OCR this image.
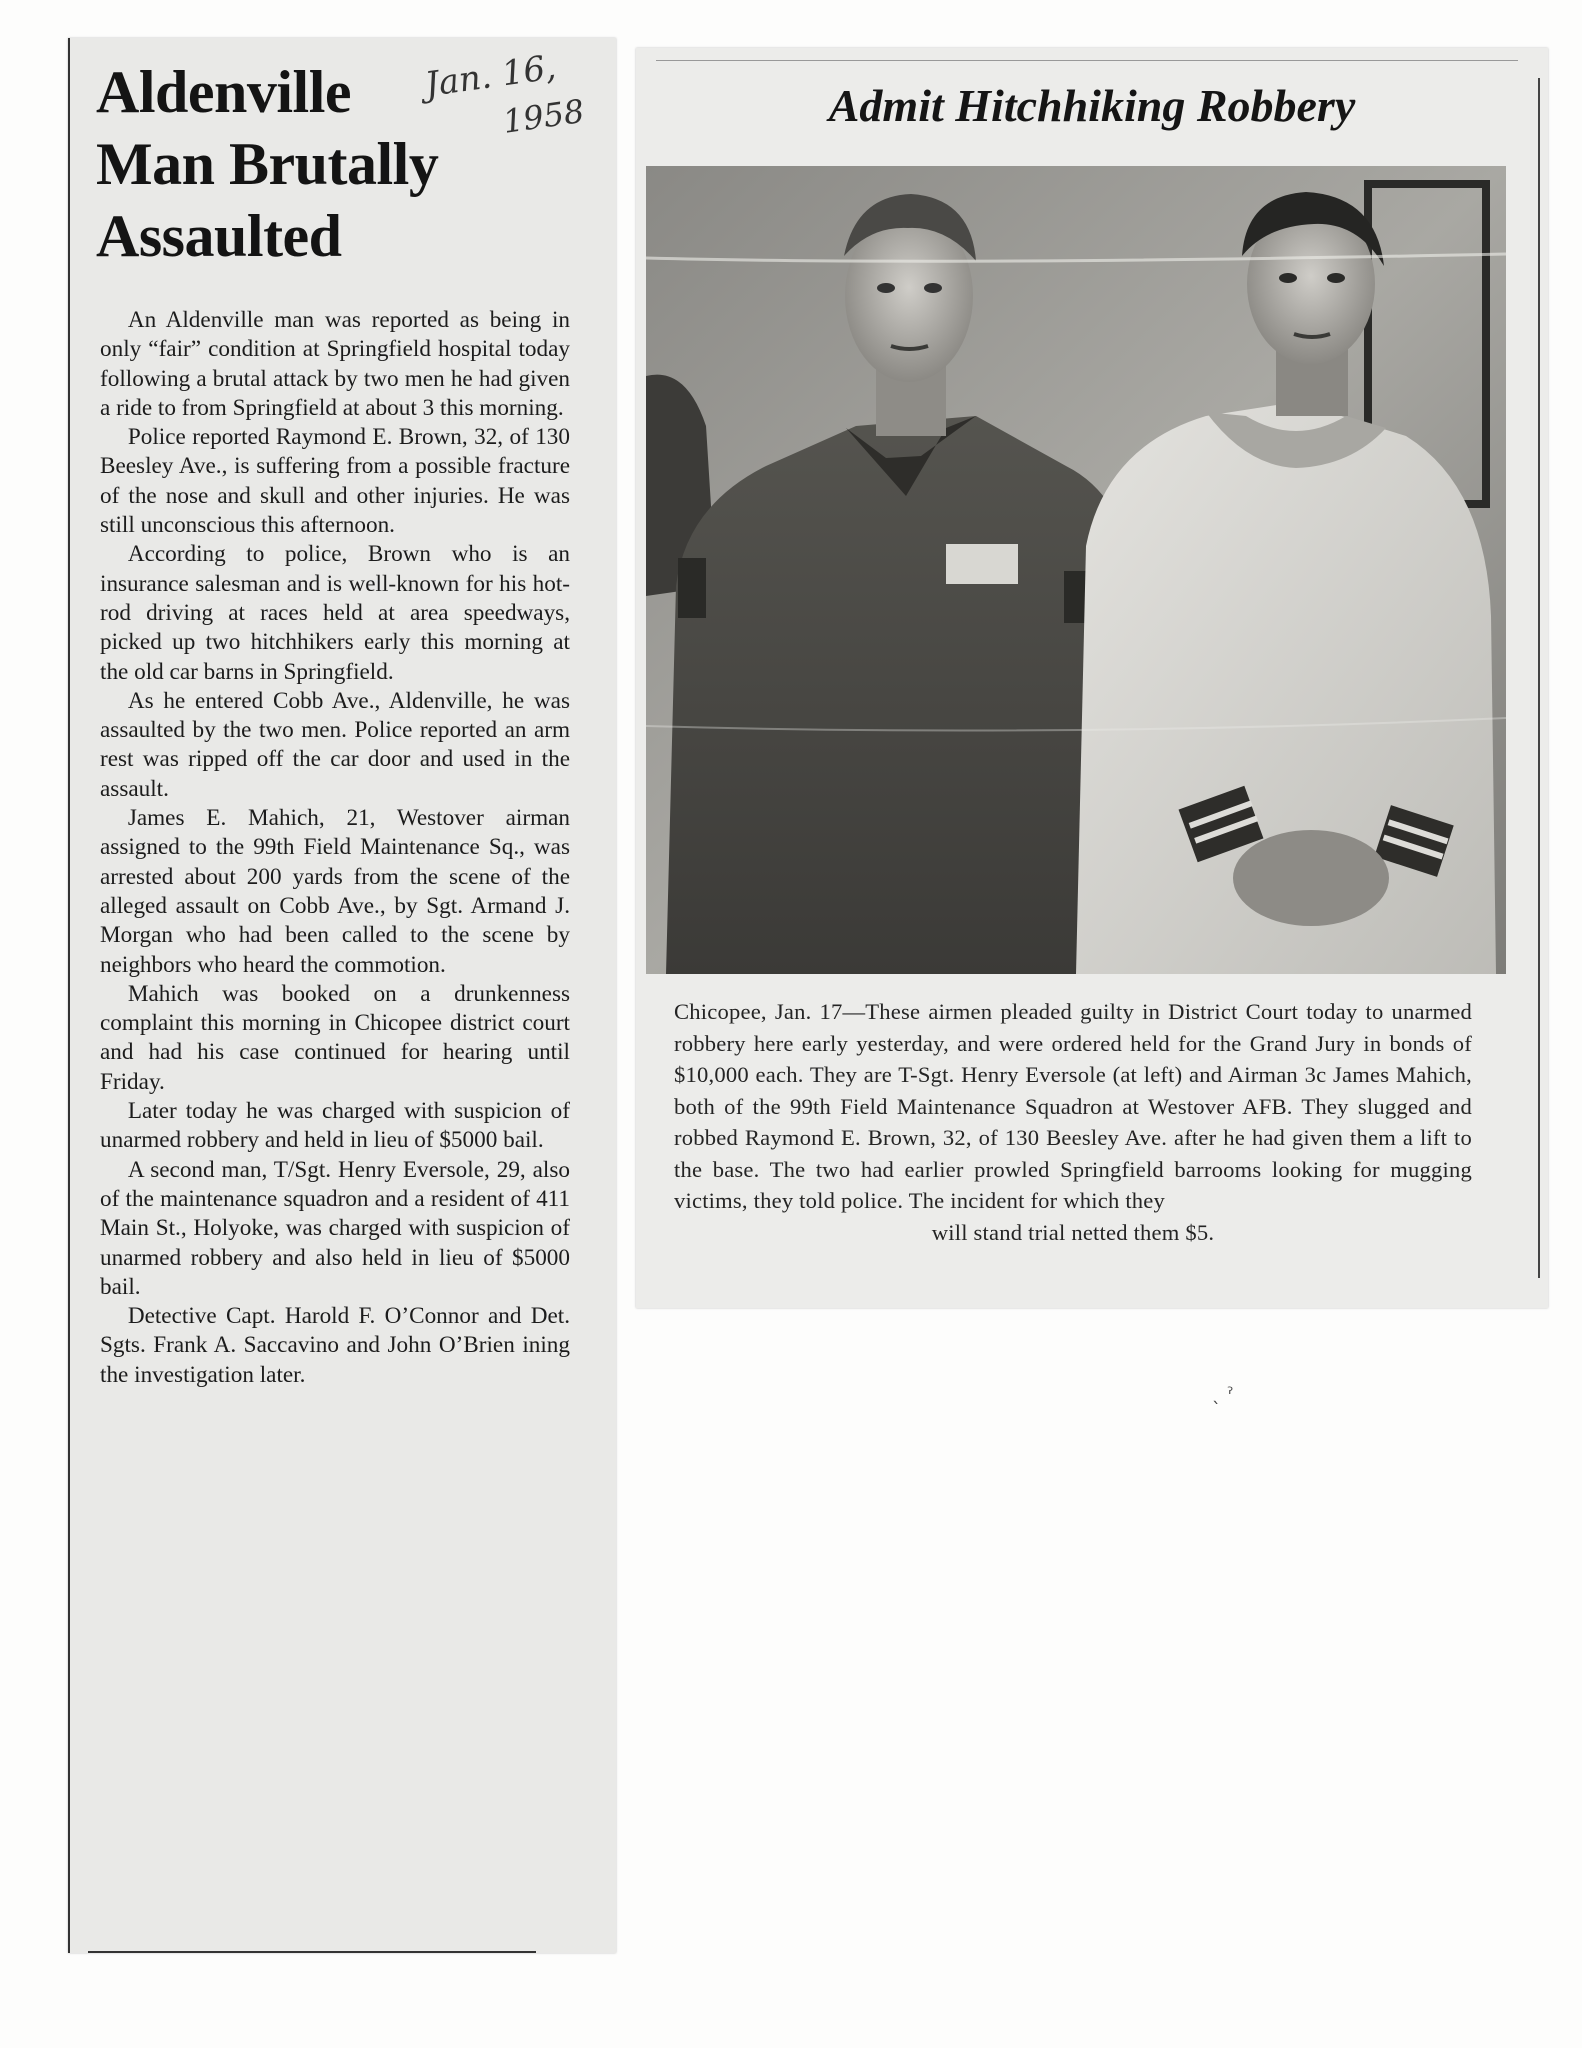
Aldenville
Man Brutally
Assaulted
Jan. 16,
1958

An Aldenville man was reported as being in only “fair” condition at Springfield hospital today following a brutal attack by two men he had given a ride to from Springfield at about 3 this morning.

Police reported Raymond E. Brown, 32, of 130 Beesley Ave., is suffering from a possible fracture of the nose and skull and other injuries. He was still unconscious this afternoon.

According to police, Brown who is an insurance salesman and is well-known for his hot-rod driving at races held at area speedways, picked up two hitchhikers early this morning at the old car barns in Springfield.

As he entered Cobb Ave., Aldenville, he was assaulted by the two men. Police reported an arm rest was ripped off the car door and used in the assault.

James E. Mahich, 21, Westover airman assigned to the 99th Field Maintenance Sq., was arrested about 200 yards from the scene of the alleged assault on Cobb Ave., by Sgt. Armand J. Morgan who had been called to the scene by neighbors who heard the commotion.

Mahich was booked on a drunkenness complaint this morning in Chicopee district court and had his case continued for hearing until Friday.

Later today he was charged with suspicion of unarmed robbery and held in lieu of $5000 bail.

A second man, T/Sgt. Henry Eversole, 29, also of the maintenance squadron and a resident of 411 Main St., Holyoke, was charged with suspicion of unarmed robbery and also held in lieu of $5000 bail.

Detective Capt. Harold F. O’Connor and Det. Sgts. Frank A. Saccavino and John O’Brien ining the investigation later.

Admit Hitchhiking Robbery
Chicopee, Jan. 17—These airmen pleaded guilty in District Court today to unarmed robbery here early yesterday, and were ordered held for the Grand Jury in bonds of $10,000 each. They are T-Sgt. Henry Eversole (at left) and Airman 3c James Mahich, both of the 99th Field Maintenance Squadron at Westover AFB. They slugged and robbed Raymond E. Brown, 32, of 130 Beesley Ave. after he had given them a lift to the base. The two had earlier prowled Springfield barrooms looking for mugging victims, they told police. The incident for which they
will stand trial netted them $5.
ˎ ˀ
